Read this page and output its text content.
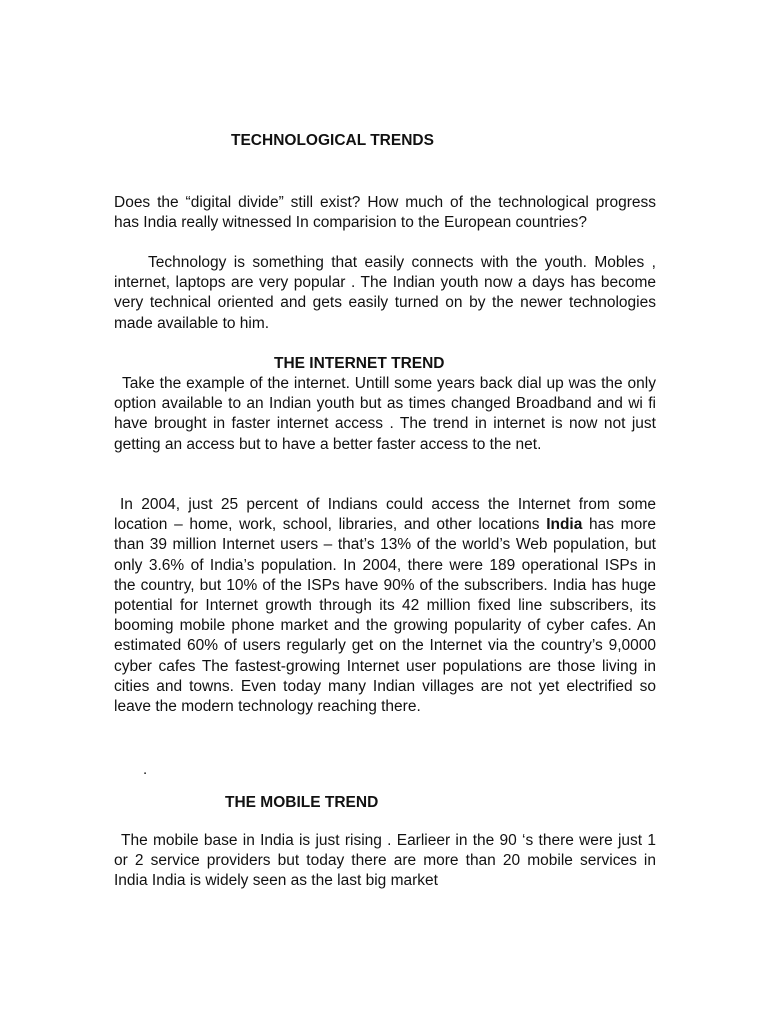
TECHNOLOGICAL TRENDS

Does the “digital divide” still exist? How much of the technological progress has India really witnessed In comparision to the European countries?

Technology is something that easily connects with the youth. Mobles , internet, laptops are very popular . The Indian youth now a days has become very technical oriented and gets easily turned on by the newer technologies made available to him.

THE INTERNET TREND

Take the example of the internet. Untill some years back dial up was the only option available to an Indian youth but as times changed Broadband and wi fi have brought in faster internet access . The trend in internet is now not just getting an access but to have a better faster access to the net.

In 2004, just 25 percent of Indians could access the Internet from some location – home, work, school, libraries, and other locations India has more than 39 million Internet users – that’s 13% of the world’s Web population, but only 3.6% of India’s population. In 2004, there were 189 operational ISPs in the country, but 10% of the ISPs have 90% of the subscribers. India has huge potential for Internet growth through its 42 million fixed line subscribers, its booming mobile phone market and the growing popularity of cyber cafes. An estimated 60% of users regularly get on the Internet via the country’s 9,0000 cyber cafes The fastest-growing Internet user populations are those living in cities and towns. Even today many Indian villages are not yet electrified so leave the modern technology reaching there.

.
THE MOBILE TREND

The mobile base in India is just rising . Earlieer in the 90 ‘s there were just 1 or 2 service providers but today there are more than 20 mobile services in India India is widely seen as the last big market
